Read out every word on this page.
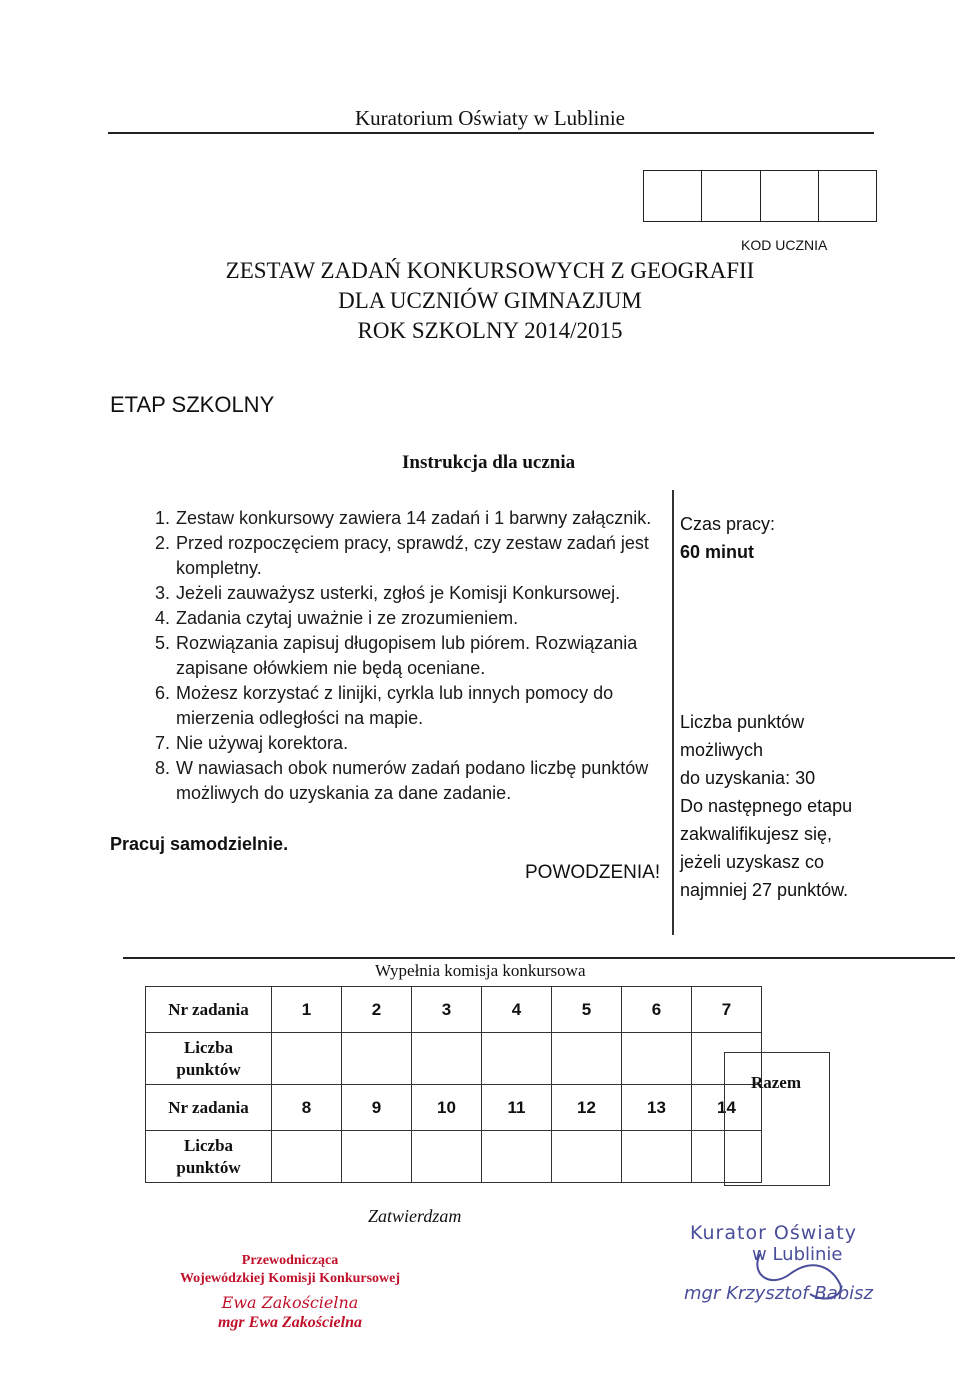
Kuratorium Oświaty w Lublinie
KOD UCZNIA
ZESTAW ZADAŃ KONKURSOWYCH Z GEOGRAFII
DLA UCZNIÓW GIMNAZJUM
ROK SZKOLNY 2014/2015
ETAP SZKOLNY
Instrukcja dla ucznia
1. Zestaw konkursowy zawiera 14 zadań i 1 barwny załącznik.
2. Przed rozpoczęciem pracy, sprawdź, czy zestaw zadań jest kompletny.
3. Jeżeli zauważysz usterki, zgłoś je Komisji Konkursowej.
4. Zadania czytaj uważnie i ze zrozumieniem.
5. Rozwiązania zapisuj długopisem lub piórem. Rozwiązania zapisane ołówkiem nie będą oceniane.
6. Możesz korzystać z linijki, cyrkla lub innych pomocy do mierzenia odległości na mapie.
7. Nie używaj korektora.
8. W nawiasach obok numerów zadań podano liczbę punktów możliwych do uzyskania za dane zadanie.
Pracuj samodzielnie.
POWODZENIA!
Czas pracy:
60 minut
Liczba punktów
możliwych
do uzyskania: 30
Do następnego etapu
zakwalifikujesz się,
jeżeli uzyskasz co
najmniej 27 punktów.
Wypełnia komisja konkursowa
Nr zadania	1	2	3	4	5	6	7

Liczba
punktów							

Nr zadania	8	9	10	11	12	13	14

Liczba
punktów							

Razem
Zatwierdzam
Przewodnicząca
Wojewódzkiej Komisji Konkursowej
Ewa Zakościelna
mgr Ewa Zakościelna
Kurator Oświaty
w Lublinie
mgr Krzysztof Babisz
